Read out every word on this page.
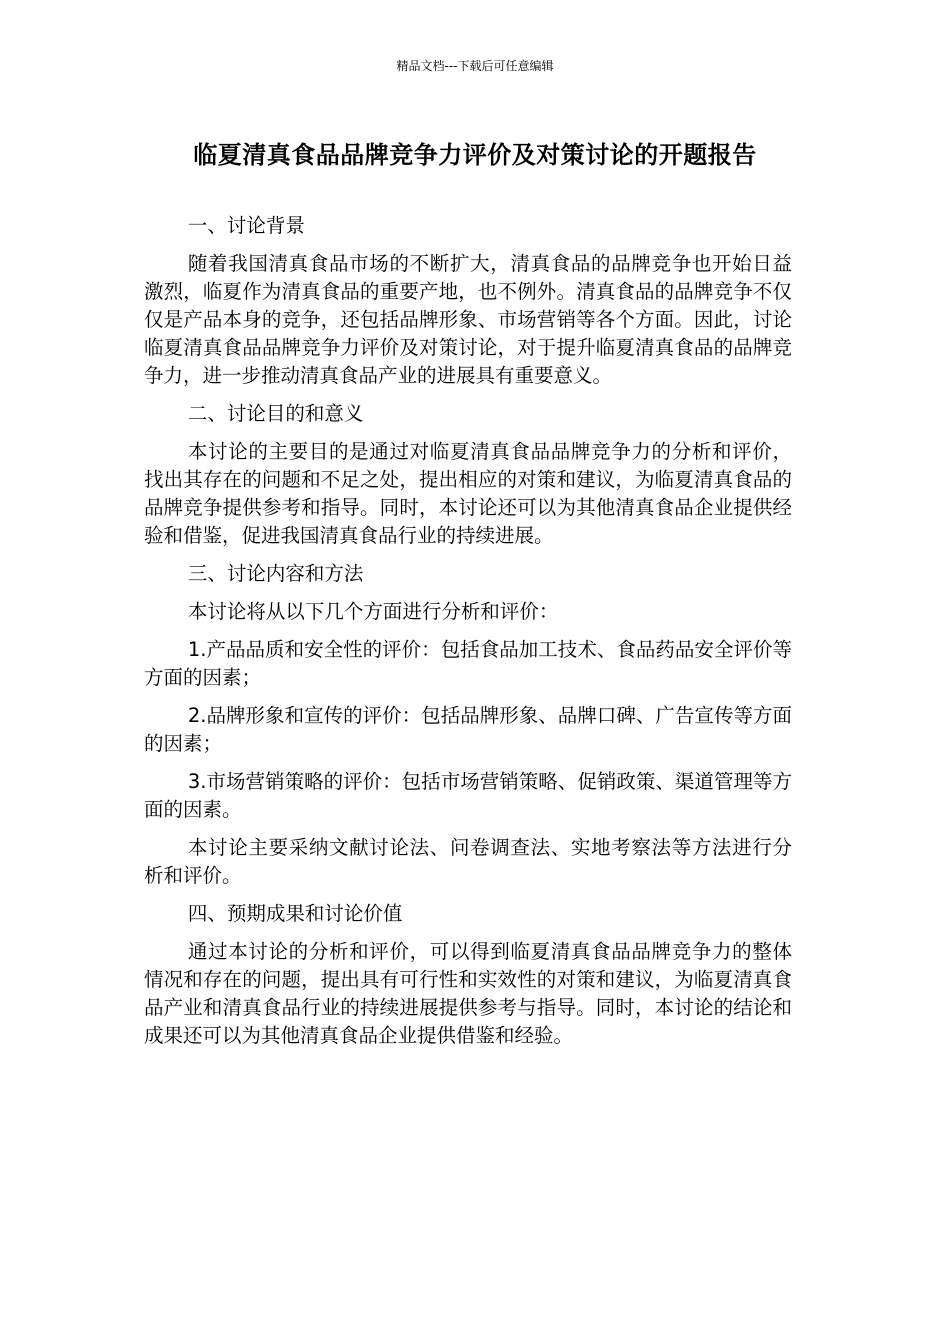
精品文档---下载后可任意编辑
临夏清真食品品牌竞争力评价及对策讨论的开题报告
一、讨论背景

随着我国清真食品市场的不断扩大，清真食品的品牌竞争也开始日益激烈，临夏作为清真食品的重要产地，也不例外。清真食品的品牌竞争不仅仅是产品本身的竞争，还包括品牌形象、市场营销等各个方面。因此，讨论临夏清真食品品牌竞争力评价及对策讨论，对于提升临夏清真食品的品牌竞争力，进一步推动清真食品产业的进展具有重要意义。

二、讨论目的和意义

本讨论的主要目的是通过对临夏清真食品品牌竞争力的分析和评价，找出其存在的问题和不足之处，提出相应的对策和建议，为临夏清真食品的品牌竞争提供参考和指导。同时，本讨论还可以为其他清真食品企业提供经验和借鉴，促进我国清真食品行业的持续进展。

三、讨论内容和方法

本讨论将从以下几个方面进行分析和评价：

1.产品品质和安全性的评价：包括食品加工技术、食品药品安全评价等方面的因素；

2.品牌形象和宣传的评价：包括品牌形象、品牌口碑、广告宣传等方面的因素；

3.市场营销策略的评价：包括市场营销策略、促销政策、渠道管理等方面的因素。

本讨论主要采纳文献讨论法、问卷调查法、实地考察法等方法进行分析和评价。

四、预期成果和讨论价值

通过本讨论的分析和评价，可以得到临夏清真食品品牌竞争力的整体情况和存在的问题，提出具有可行性和实效性的对策和建议，为临夏清真食品产业和清真食品行业的持续进展提供参考与指导。同时，本讨论的结论和成果还可以为其他清真食品企业提供借鉴和经验。
